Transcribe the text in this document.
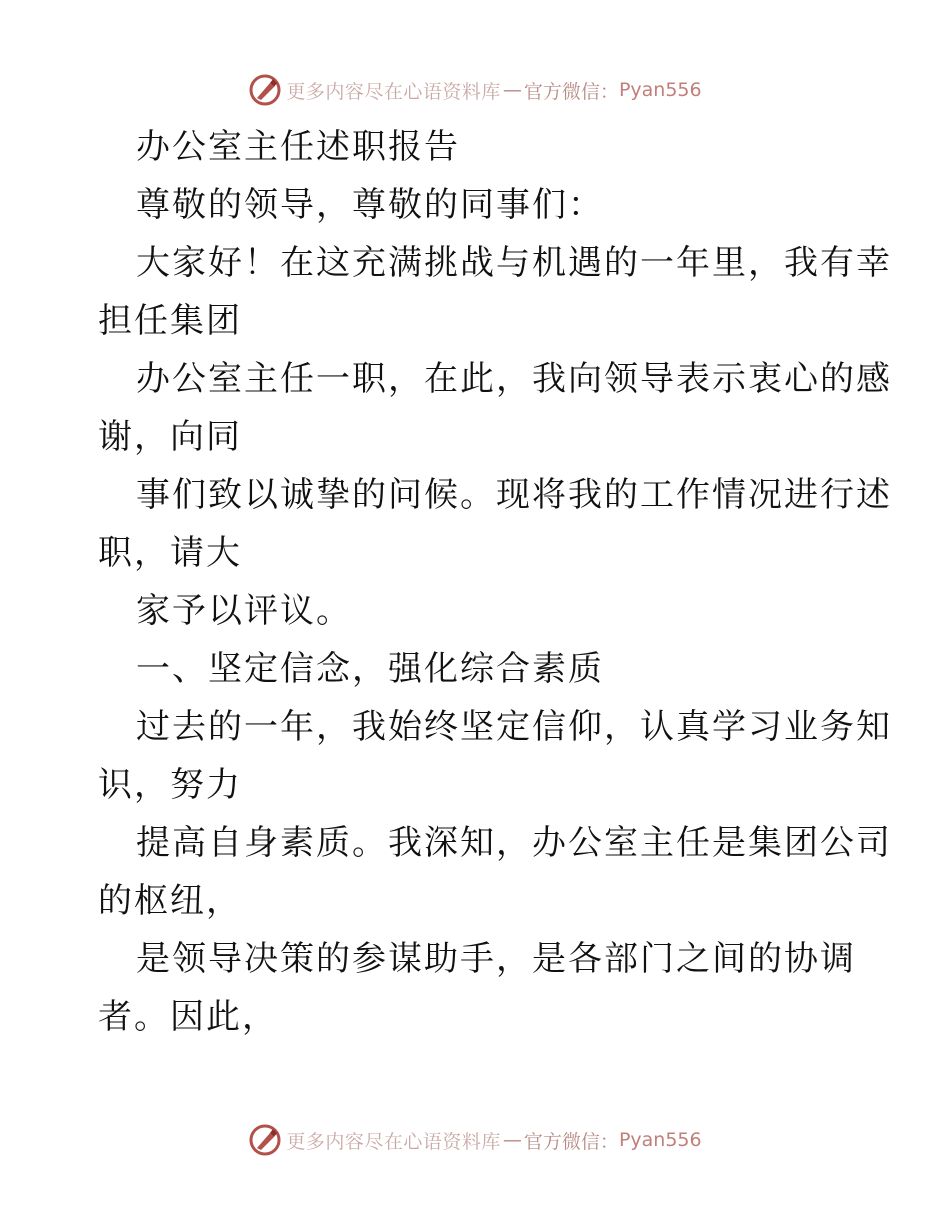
更多内容尽在心语资料库 — 官方微信： Pyan556
办公室主任述职报告
尊敬的领导，尊敬的同事们：
大家好！在这充满挑战与机遇的一年里，我有幸
担任集团
办公室主任一职，在此，我向领导表示衷心的感
谢，向同
事们致以诚挚的问候。现将我的工作情况进行述
职，请大
家予以评议。
一、坚定信念，强化综合素质
过去的一年，我始终坚定信仰，认真学习业务知
识，努力
提高自身素质。我深知，办公室主任是集团公司
的枢纽，
是领导决策的参谋助手，是各部门之间的协调
者。因此，
更多内容尽在心语资料库 — 官方微信： Pyan556
